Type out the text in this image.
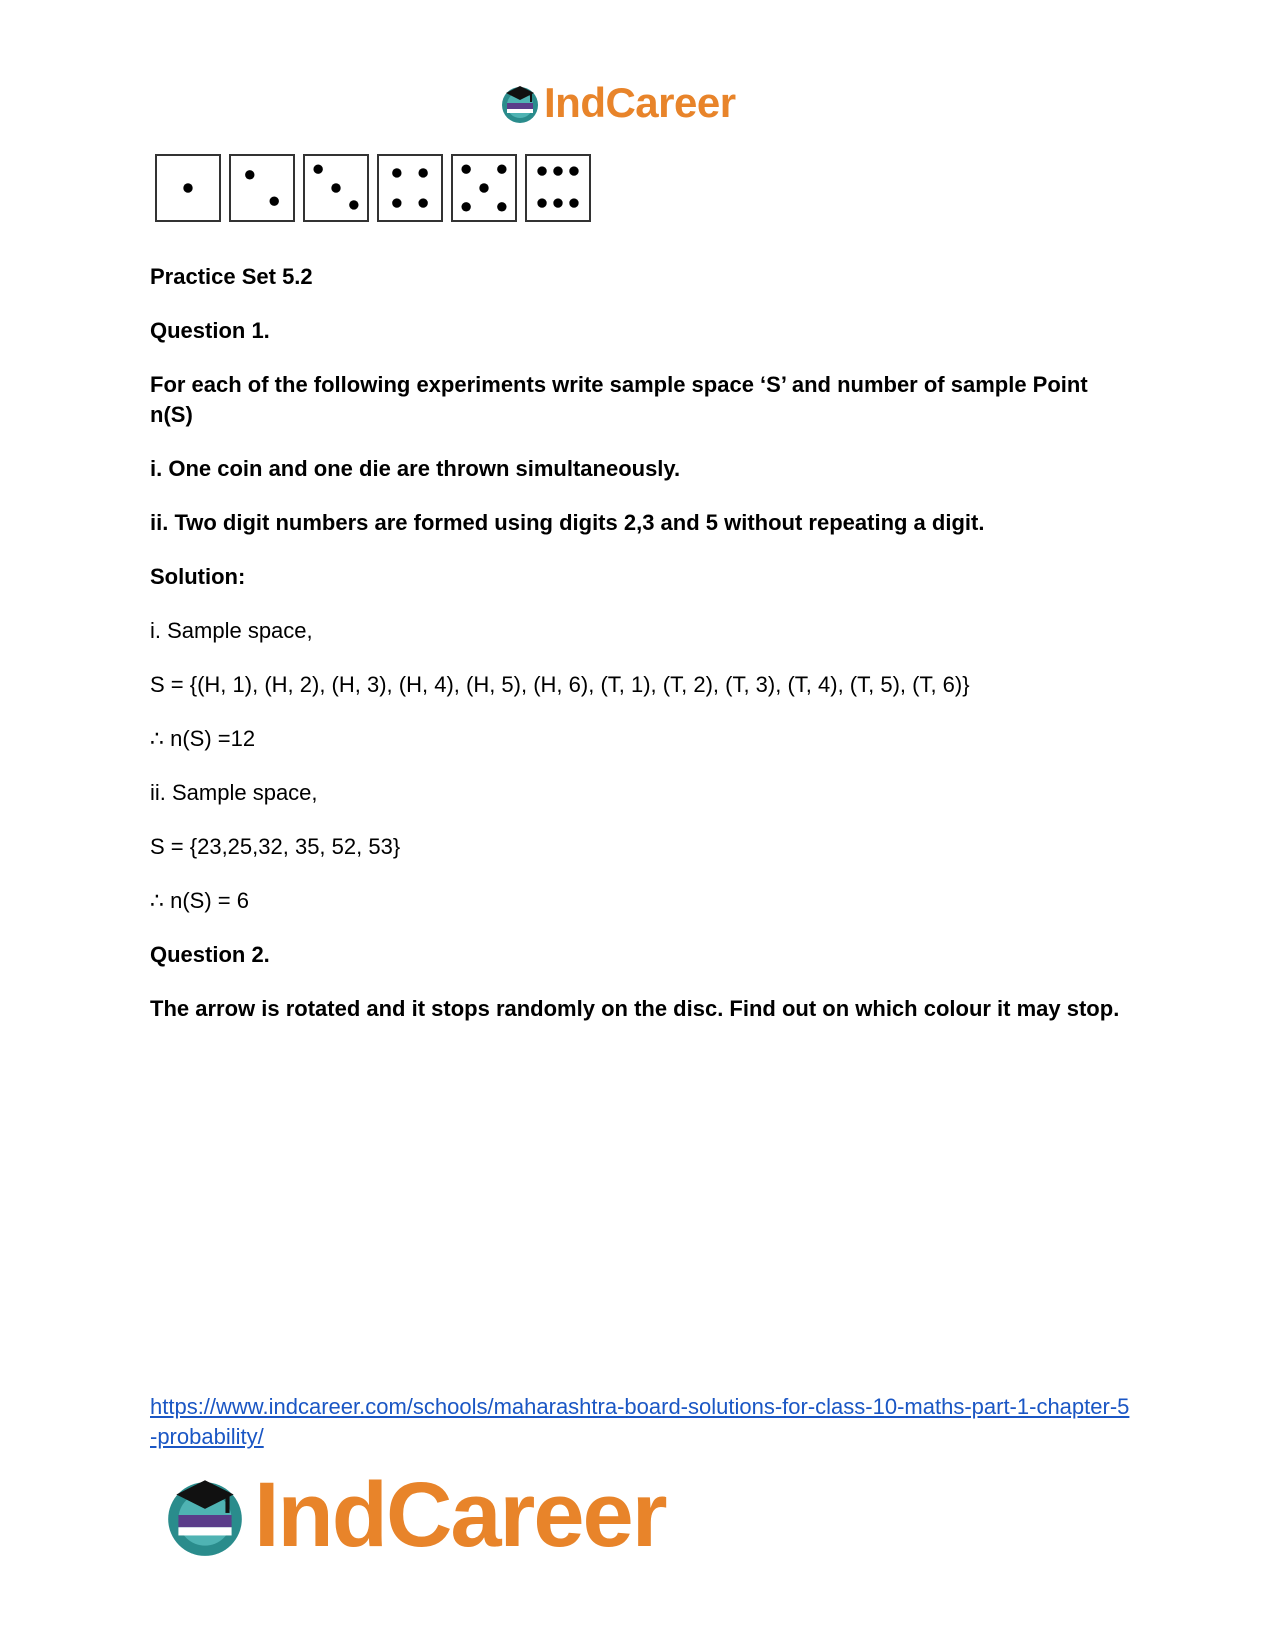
IndCareer
Practice Set 5.2
Question 1.
For each of the following experiments write sample space ‘S’ and number of sample Point n(S)
i. One coin and one die are thrown simultaneously.
ii. Two digit numbers are formed using digits 2,3 and 5 without repeating a digit.
Solution:
i. Sample space,
S = {(H, 1), (H, 2), (H, 3), (H, 4), (H, 5), (H, 6), (T, 1), (T, 2), (T, 3), (T, 4), (T, 5), (T, 6)}
∴ n(S) =12
ii. Sample space,
S = {23,25,32, 35, 52, 53}
∴ n(S) = 6
Question 2.
The arrow is rotated and it stops randomly on the disc. Find out on which colour it may stop.
https://www.indcareer.com/schools/maharashtra-board-solutions-for-class-10-maths-part-1-chapter-5-probability/
IndCareer
